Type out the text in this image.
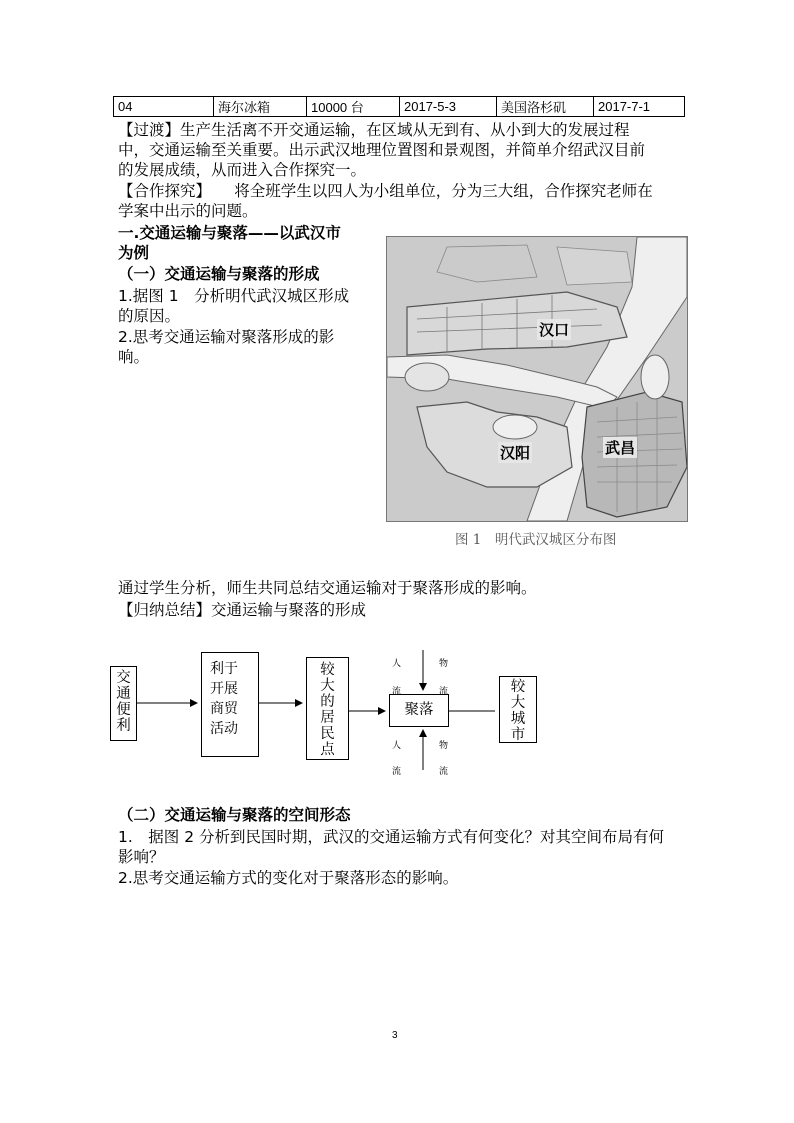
04	海尔冰箱	10000 台	2017-5-3	美国洛杉矶	2017-7-1
【过渡】生产生活离不开交通运输，在区域从无到有、从小到大的发展过程
中，交通运输至关重要。出示武汉地理位置图和景观图，并简单介绍武汉目前
的发展成绩，从而进入合作探究一。
【合作探究】　　将全班学生以四人为小组单位，分为三大组，合作探究老师在
学案中出示的问题。
一.交通运输与聚落——以武汉市
为例
（一）交通运输与聚落的形成
1.据图 1　分析明代武汉城区形成
的原因。
2.思考交通运输对聚落形成的影
响。
汉口
汉阳	武昌
图 1　明代武汉城区分布图
通过学生分析，师生共同总结交通运输对于聚落形成的影响。
【归纳总结】交通运输与聚落的形成
交通便利
利于开展商贸活动
较大的居民点
聚落
较大城市
人流
物流
人流
物流
（二）交通运输与聚落的空间形态
1.　据图 2 分析到民国时期，武汉的交通运输方式有何变化？对其空间布局有何
影响？
2.思考交通运输方式的变化对于聚落形态的影响。
3
